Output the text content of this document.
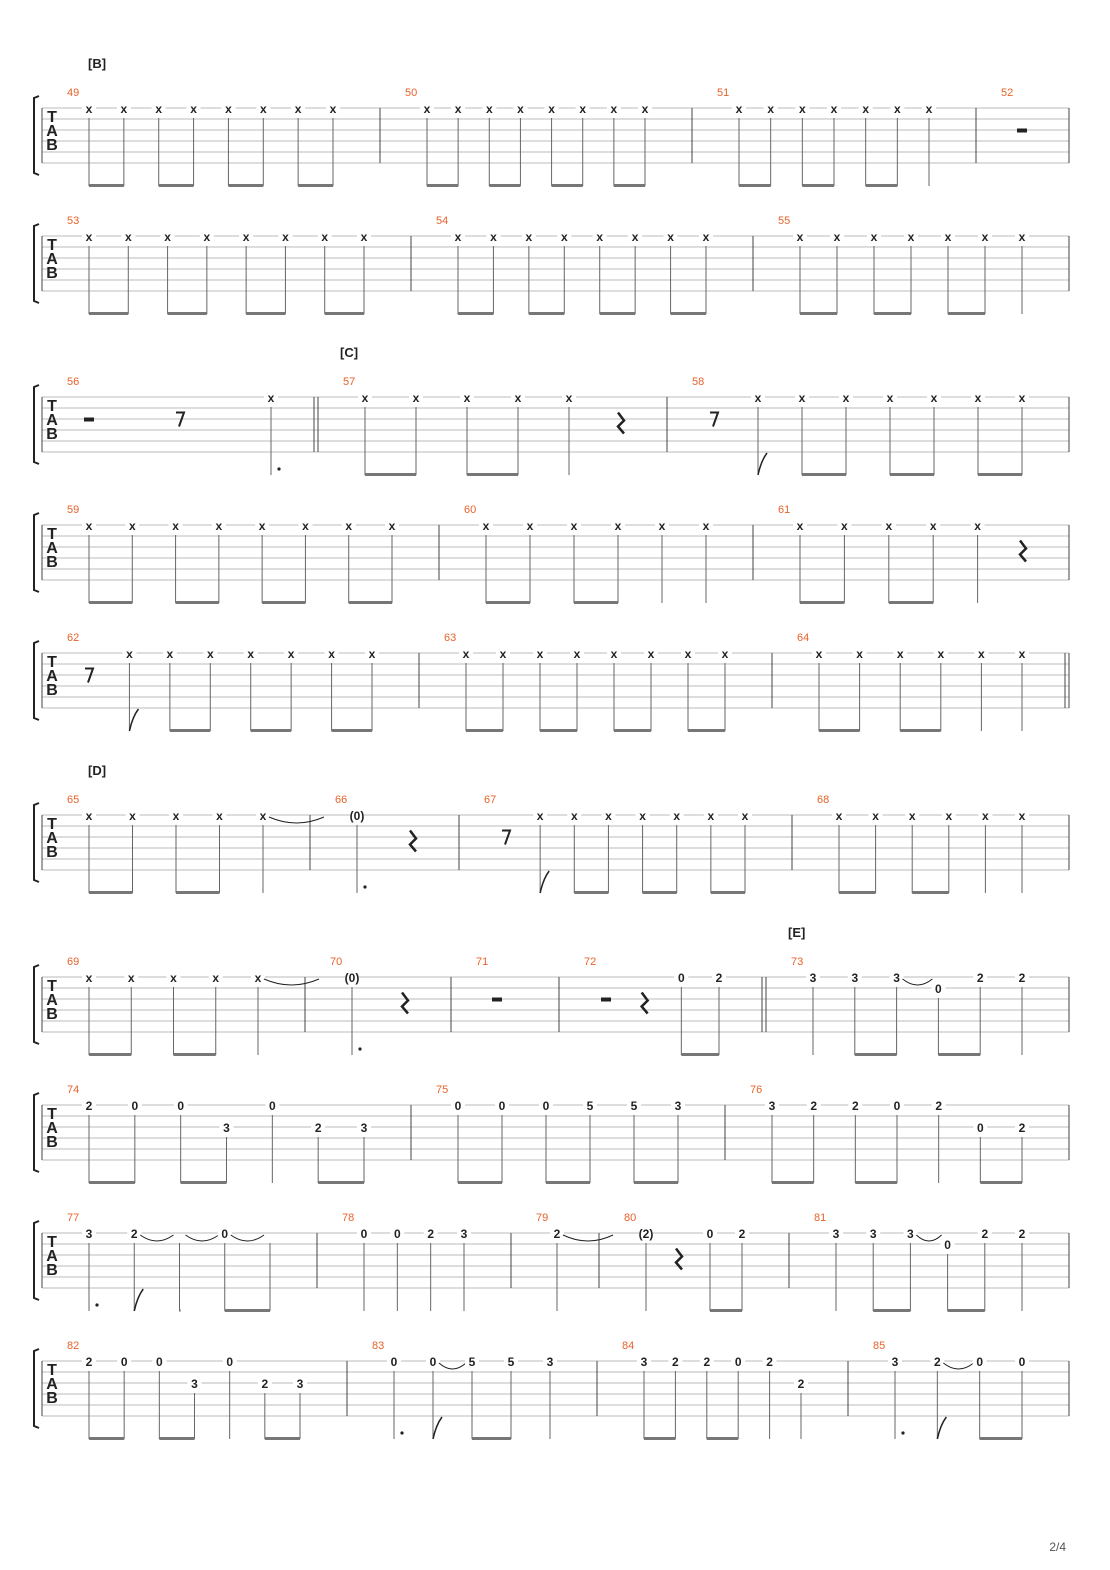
T
A
B
[B]
49
x x x x x x x x
50
x x x x x x x x
51
x x x x x x x
52
T
A
B
53
x	x	x	x	x	x	x	x
54
x x x x x x x x
55
x	x	x	x	x	x	x
T
A
B
[C]
56
x
57
x	x	x	x	x
58
x	x	x	x	x	x	x
T
A
B
59
x	x	x	x	x	x	x	x
60
x	x	x	x	x	x
61
x	x	x	x	x
T
A
B
62
x	x	x	x	x	x	x
63
x	x	x	x	x	x	x	x
64
x	x	x	x	x	x
T
A
B
[D]
65
x	x	x	x	x
66
(0)
67
x x x x x x x
68
x x x x x x
T
A
B
[E]
69
x	x	x	x	x
70
(0)
71	72
0	2
73
3	3	3
0
2	2
T
A
B
74
2	0	0
3
0
2	3
75
0	0	0	5	5	3
76
3	2	2	0	2
0	2
T
A
B
77
3	2	0
78
0 0 2 3
79
2
80
(2)	0 2
81
3	3	3
0
2	2
T
A
B
82
2 0 0
3
0
2 3
83
0	0	5	5	3
84
3 2 2 0 2
2
85
3	2	0	0
2/4
